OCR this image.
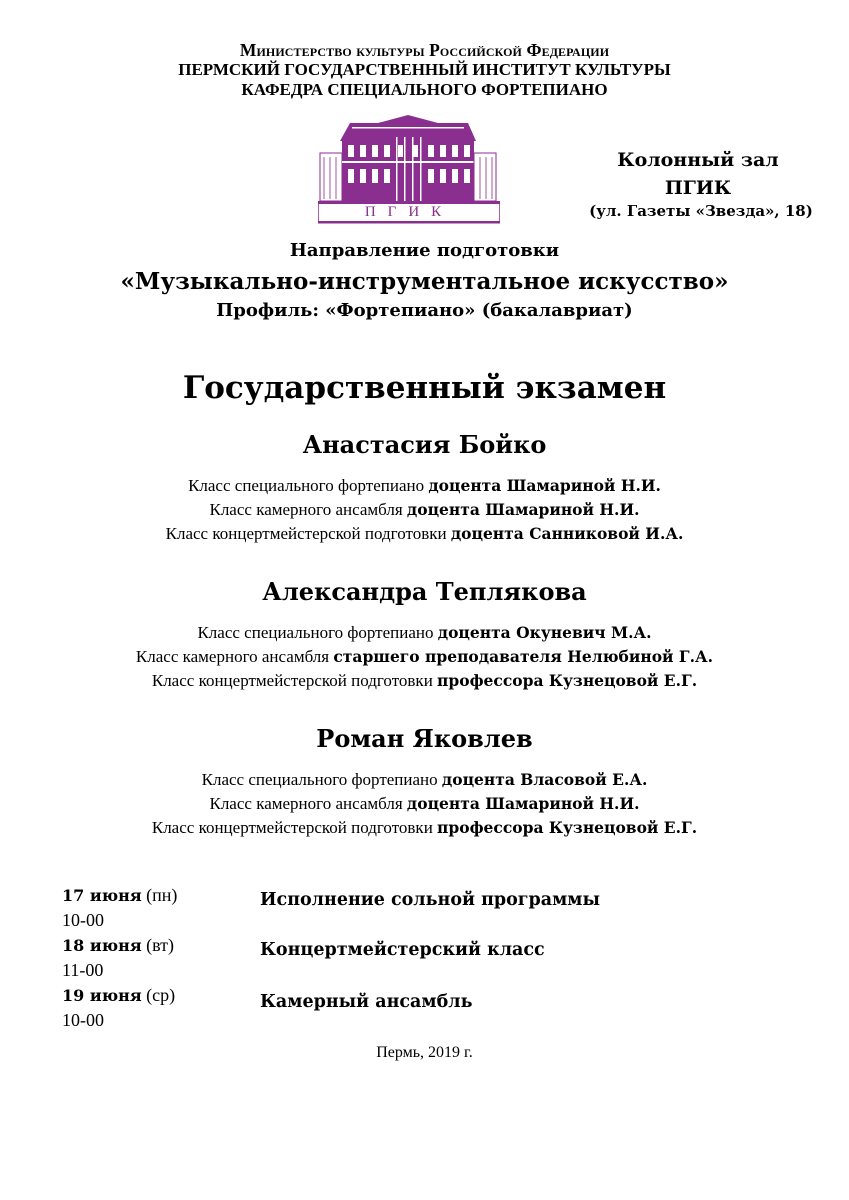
Министерство культуры Российской Федерации
ПЕРМСКИЙ ГОСУДАРСТВЕННЫЙ ИНСТИТУТ КУЛЬТУРЫ
КАФЕДРА СПЕЦИАЛЬНОГО ФОРТЕПИАНО
ПГИК
Колонный зал
ПГИК
(ул. Газеты «Звезда», 18)
Направление подготовки
«Музыкально-инструментальное искусство»
Профиль: «Фортепиано» (бакалавриат)
Государственный экзамен
Анастасия Бойко
Класс специального фортепиано доцента Шамариной Н.И.
Класс камерного ансамбля доцента Шамариной Н.И.
Класс концертмейстерской подготовки доцента Санниковой И.А.
Александра Теплякова
Класс специального фортепиано доцента Окуневич М.А.
Класс камерного ансамбля старшего преподавателя Нелюбиной Г.А.
Класс концертмейстерской подготовки профессора Кузнецовой Е.Г.
Роман Яковлев
Класс специального фортепиано доцента Власовой Е.А.
Класс камерного ансамбля доцента Шамариной Н.И.
Класс концертмейстерской подготовки профессора Кузнецовой Е.Г.
17 июня (пн)
10-00
Исполнение сольной программы
18 июня (вт)
11-00
Концертмейстерский класс
19 июня (ср)
10-00
Камерный ансамбль
Пермь, 2019 г.
